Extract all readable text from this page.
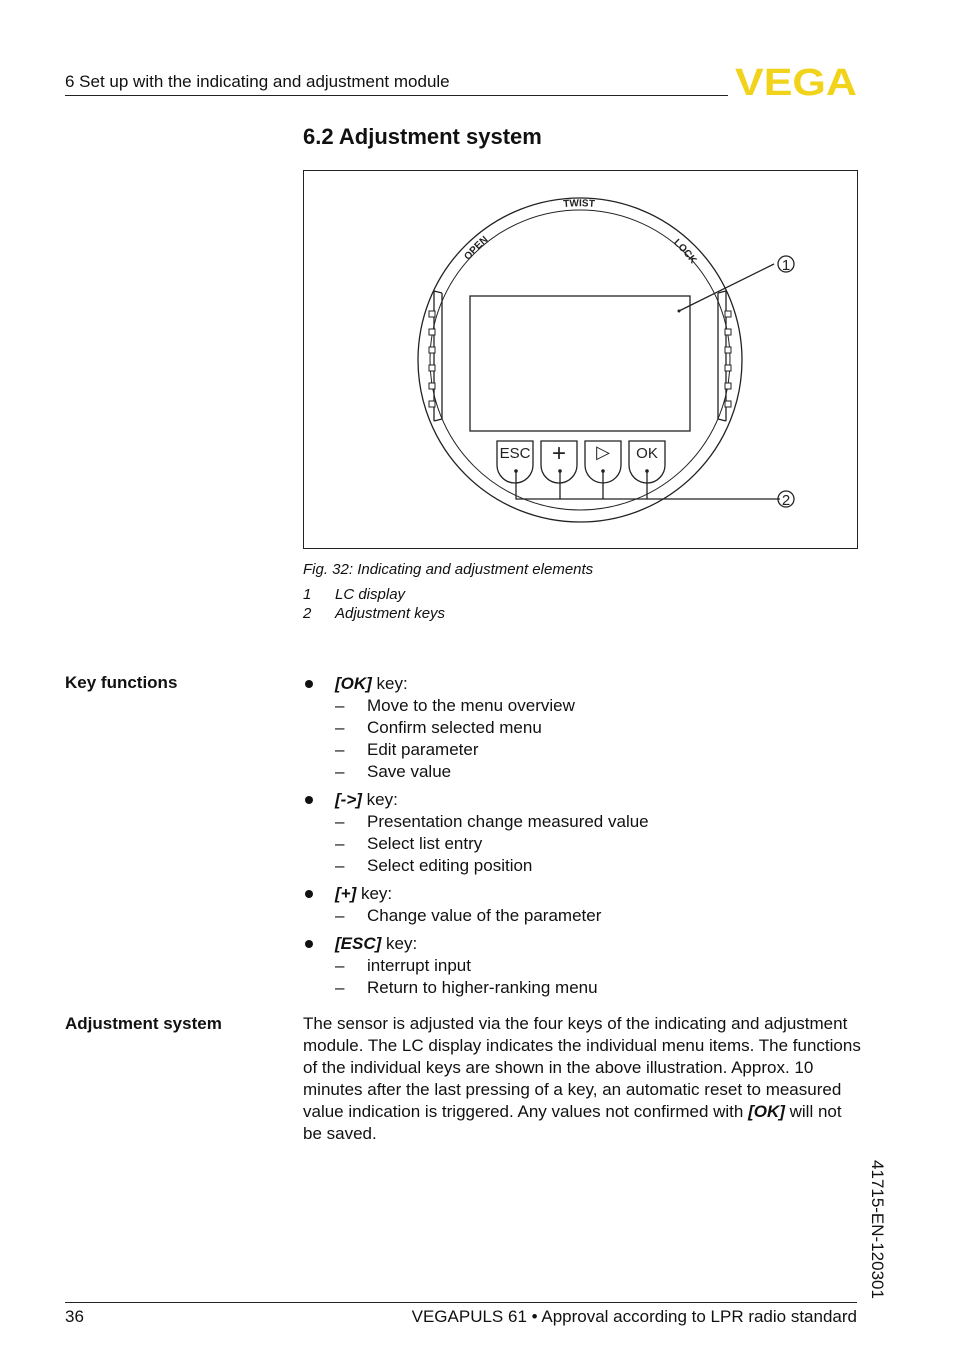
6 Set up with the indicating and adjustment module	VEGA
6.2 Adjustment system
TWIST
OPEN	LOCK
ESC + ▷ OK
1
2
Fig. 32: Indicating and adjustment elements
1 LC display
2 Adjustment keys
Key functions	[OK] key:
– Move to the menu overview
– Confirm selected menu
– Edit parameter
– Save value
[->] key:
– Presentation change measured value
– Select list entry
– Select editing position
[+] key:
– Change value of the parameter
[ESC] key:
– interrupt input
– Return to higher-ranking menu
Adjustment system	The sensor is adjusted via the four keys of the indicating and adjustment module. The LC display indicates the individual menu items. The functions of the individual keys are shown in the above illustration. Approx. 10 minutes after the last pressing of a key, an automatic reset to measured value indication is triggered. Any values not confirmed with [OK] will not be saved.
41715-EN-120301
36	VEGAPULS 61 • Approval according to LPR radio standard
